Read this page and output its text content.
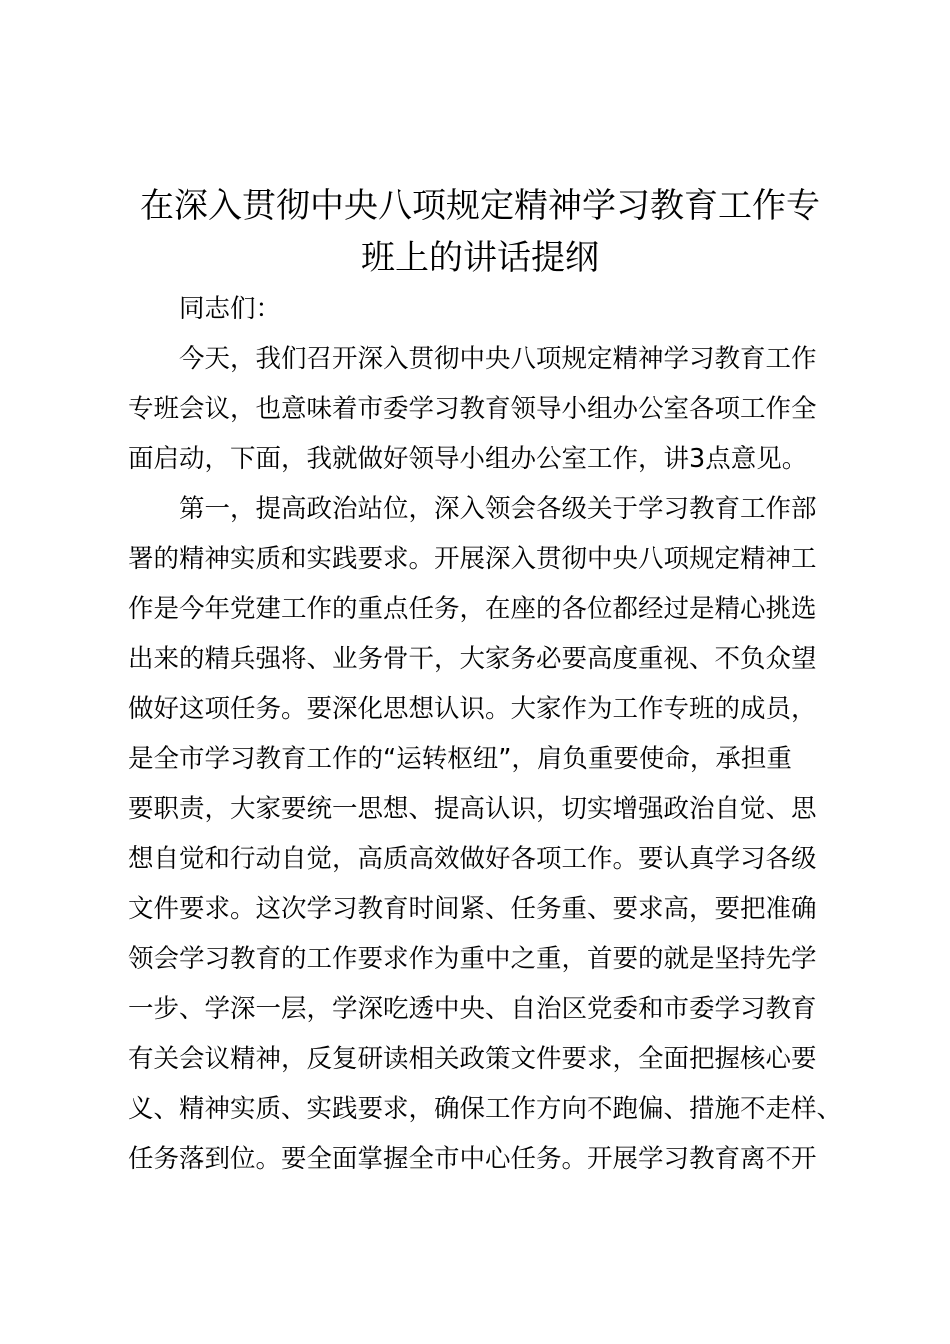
在深入贯彻中央八项规定精神学习教育工作专
班上的讲话提纲
同志们：
今天，我们召开深入贯彻中央八项规定精神学习教育工作
专班会议，也意味着市委学习教育领导小组办公室各项工作全
面启动，下面，我就做好领导小组办公室工作，讲3点意见。
第一，提高政治站位，深入领会各级关于学习教育工作部
署的精神实质和实践要求。开展深入贯彻中央八项规定精神工
作是今年党建工作的重点任务，在座的各位都经过是精心挑选
出来的精兵强将、业务骨干，大家务必要高度重视、不负众望
做好这项任务。要深化思想认识。大家作为工作专班的成员，
是全市学习教育工作的“运转枢纽”，肩负重要使命，承担重
要职责，大家要统一思想、提高认识，切实增强政治自觉、思
想自觉和行动自觉，高质高效做好各项工作。要认真学习各级
文件要求。这次学习教育时间紧、任务重、要求高，要把准确
领会学习教育的工作要求作为重中之重，首要的就是坚持先学
一步、学深一层，学深吃透中央、自治区党委和市委学习教育
有关会议精神，反复研读相关政策文件要求，全面把握核心要
义、精神实质、实践要求，确保工作方向不跑偏、措施不走样、
任务落到位。要全面掌握全市中心任务。开展学习教育离不开
